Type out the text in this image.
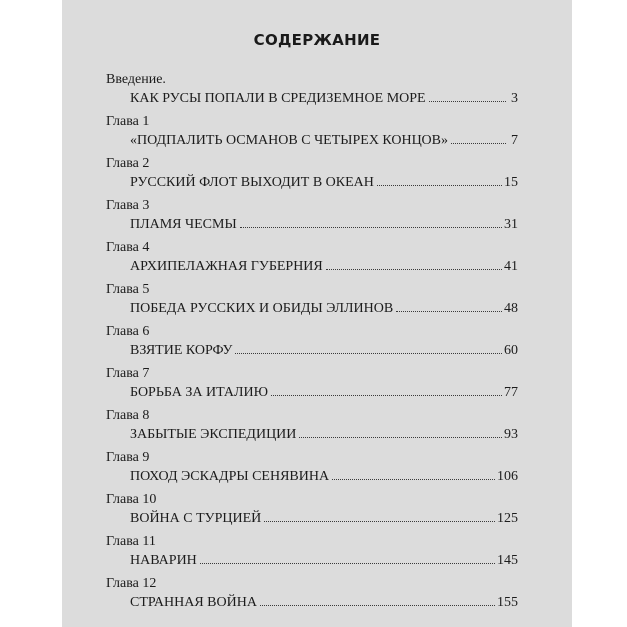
СОДЕРЖАНИЕ
Введение.
КАК РУСЫ ПОПАЛИ В СРЕДИЗЕМНОЕ МОРЕ	3
Глава 1
«ПОДПАЛИТЬ ОСМАНОВ С ЧЕТЫРЕХ КОНЦОВ»	7
Глава 2
РУССКИЙ ФЛОТ ВЫХОДИТ В ОКЕАН	15
Глава 3
ПЛАМЯ ЧЕСМЫ	31
Глава 4
АРХИПЕЛАЖНАЯ ГУБЕРНИЯ	41
Глава 5
ПОБЕДА РУССКИХ И ОБИДЫ ЭЛЛИНОВ	48
Глава 6
ВЗЯТИЕ КОРФУ	60
Глава 7
БОРЬБА ЗА ИТАЛИЮ	77
Глава 8
ЗАБЫТЫЕ ЭКСПЕДИЦИИ	93
Глава 9
ПОХОД ЭСКАДРЫ СЕНЯВИНА	106
Глава 10
ВОЙНА С ТУРЦИЕЙ	125
Глава 11
НАВАРИН	145
Глава 12
СТРАННАЯ ВОЙНА	155
